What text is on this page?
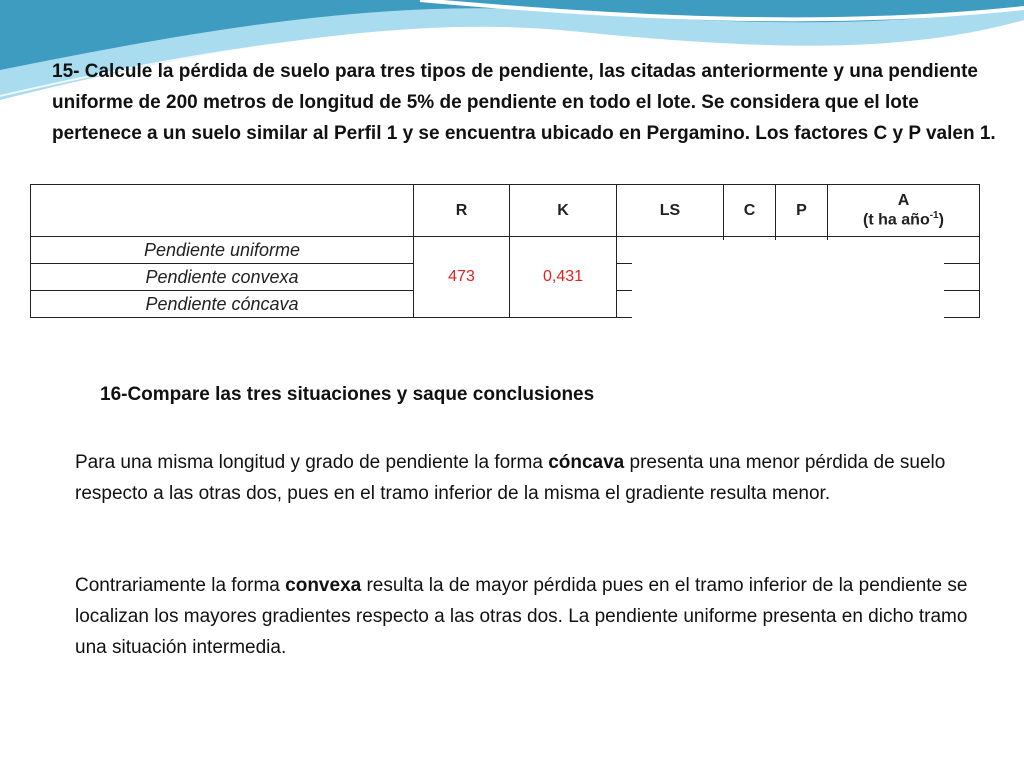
15- Calcule la pérdida de suelo para tres tipos de pendiente, las citadas anteriormente y una pendiente uniforme de 200 metros de longitud de 5% de pendiente en todo el lote. Se considera que el lote pertenece a un suelo similar al Perfil 1 y se encuentra ubicado en Pergamino. Los factores C y P valen 1.
	R	K	LS	C	P	A
(t ha año$^{-1}$)

Pendiente uniforme	473	0,431				
Pendiente convexa						
Pendiente cóncava						
16-Compare las tres situaciones y saque conclusiones
Para una misma longitud y grado de pendiente la forma cóncava presenta una menor pérdida de suelo respecto a las otras dos, pues en el tramo inferior de la misma el gradiente resulta menor.
Contrariamente la forma convexa resulta la de mayor pérdida pues en el tramo inferior de la pendiente se localizan los mayores gradientes respecto a las otras dos. La pendiente uniforme presenta en dicho tramo una situación intermedia.
